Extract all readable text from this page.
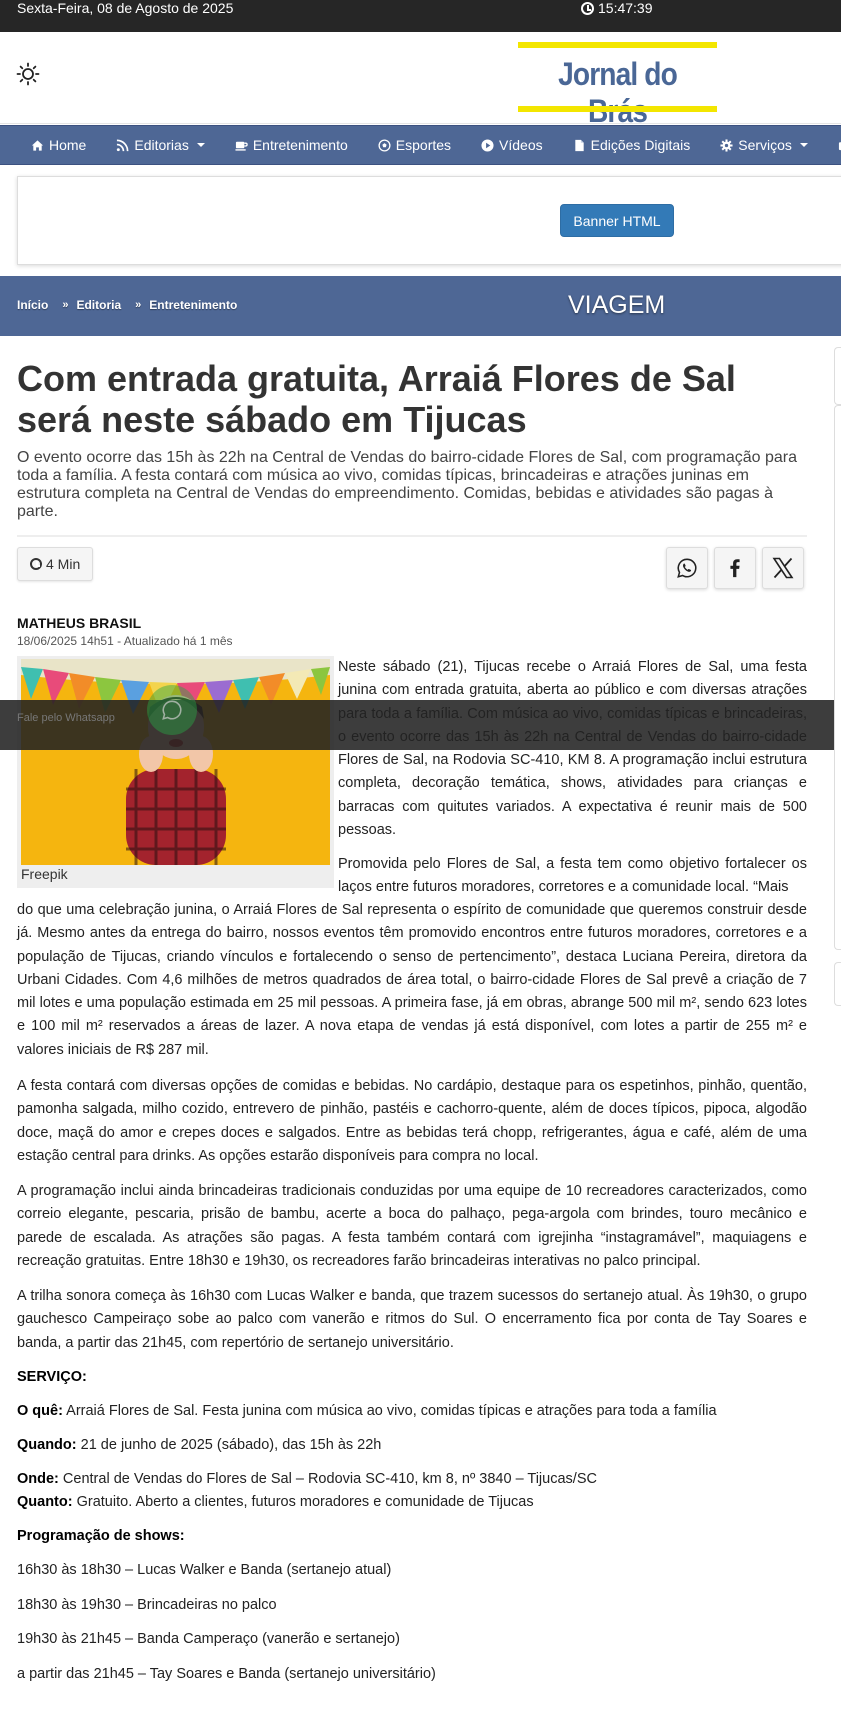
Sexta-Feira, 08 de Agosto de 2025	15:47:39
Jornal do
Home	Editorias	Entretenimento	Esportes	Vídeos	Edições Digitais	Serviços
Banner HTML
Início » Editoria » Entretenimento	VIAGEM
Com entrada gratuita, Arraiá Flores de Sal será neste sábado em Tijucas

O evento ocorre das 15h às 22h na Central de Vendas do bairro-cidade Flores de Sal, com programação para toda a família. A festa contará com música ao vivo, comidas típicas, brincadeiras e atrações juninas em estrutura completa na Central de Vendas do empreendimento. Comidas, bebidas e atividades são pagas à parte.

4 Min
MATHEUS BRASIL
18/06/2025 14h51 - Atualizado há 1 mês
Freepik

Neste sábado (21), Tijucas recebe o Arraiá Flores de Sal, uma festa junina com entrada gratuita, aberta ao público e com diversas atrações Flores de Sal, na Rodovia SC-410, KM 8. A programação inclui estrutura completa, decoração temática, shows, atividades para crianças e barracas com quitutes variados. A expectativa é reunir mais de 500 pessoas.

Promovida pelo Flores de Sal, a festa tem como objetivo fortalecer os laços entre futuros moradores, corretores e a comunidade local. “Mais

do que uma celebração junina, o Arraiá Flores de Sal representa o espírito de comunidade que queremos construir desde já. Mesmo antes da entrega do bairro, nossos eventos têm promovido encontros entre futuros moradores, corretores e a população de Tijucas, criando vínculos e fortalecendo o senso de pertencimento”, destaca Luciana Pereira, diretora da Urbani Cidades. Com 4,6 milhões de metros quadrados de área total, o bairro-cidade Flores de Sal prevê a criação de 7 mil lotes e uma população estimada em 25 mil pessoas. A primeira fase, já em obras, abrange 500 mil m², sendo 623 lotes e 100 mil m² reservados a áreas de lazer. A nova etapa de vendas já está disponível, com lotes a partir de 255 m² e valores iniciais de R$ 287 mil.

A festa contará com diversas opções de comidas e bebidas. No cardápio, destaque para os espetinhos, pinhão, quentão, pamonha salgada, milho cozido, entrevero de pinhão, pastéis e cachorro-quente, além de doces típicos, pipoca, algodão doce, maçã do amor e crepes doces e salgados. Entre as bebidas terá chopp, refrigerantes, água e café, além de uma estação central para drinks. As opções estarão disponíveis para compra no local.

A programação inclui ainda brincadeiras tradicionais conduzidas por uma equipe de 10 recreadores caracterizados, como correio elegante, pescaria, prisão de bambu, acerte a boca do palhaço, pega-argola com brindes, touro mecânico e parede de escalada. As atrações são pagas. A festa também contará com igrejinha “instagramável”, maquiagens e recreação gratuitas. Entre 18h30 e 19h30, os recreadores farão brincadeiras interativas no palco principal.

A trilha sonora começa às 16h30 com Lucas Walker e banda, que trazem sucessos do sertanejo atual. Às 19h30, o grupo gauchesco Campeiraço sobe ao palco com vanerão e ritmos do Sul. O encerramento fica por conta de Tay Soares e banda, a partir das 21h45, com repertório de sertanejo universitário.

SERVIÇO:

O quê: Arraiá Flores de Sal. Festa junina com música ao vivo, comidas típicas e atrações para toda a família

Quando: 21 de junho de 2025 (sábado), das 15h às 22h

Onde: Central de Vendas do Flores de Sal – Rodovia SC-410, km 8, nº 3840 – Tijucas/SC

Quanto: Gratuito. Aberto a clientes, futuros moradores e comunidade de Tijucas

Programação de shows:

16h30 às 18h30 – Lucas Walker e Banda (sertanejo atual)

18h30 às 19h30 – Brincadeiras no palco

19h30 às 21h45 – Banda Camperaço (vanerão e sertanejo)

a partir das 21h45 – Tay Soares e Banda (sertanejo universitário)

Fale pelo Whatsapp
